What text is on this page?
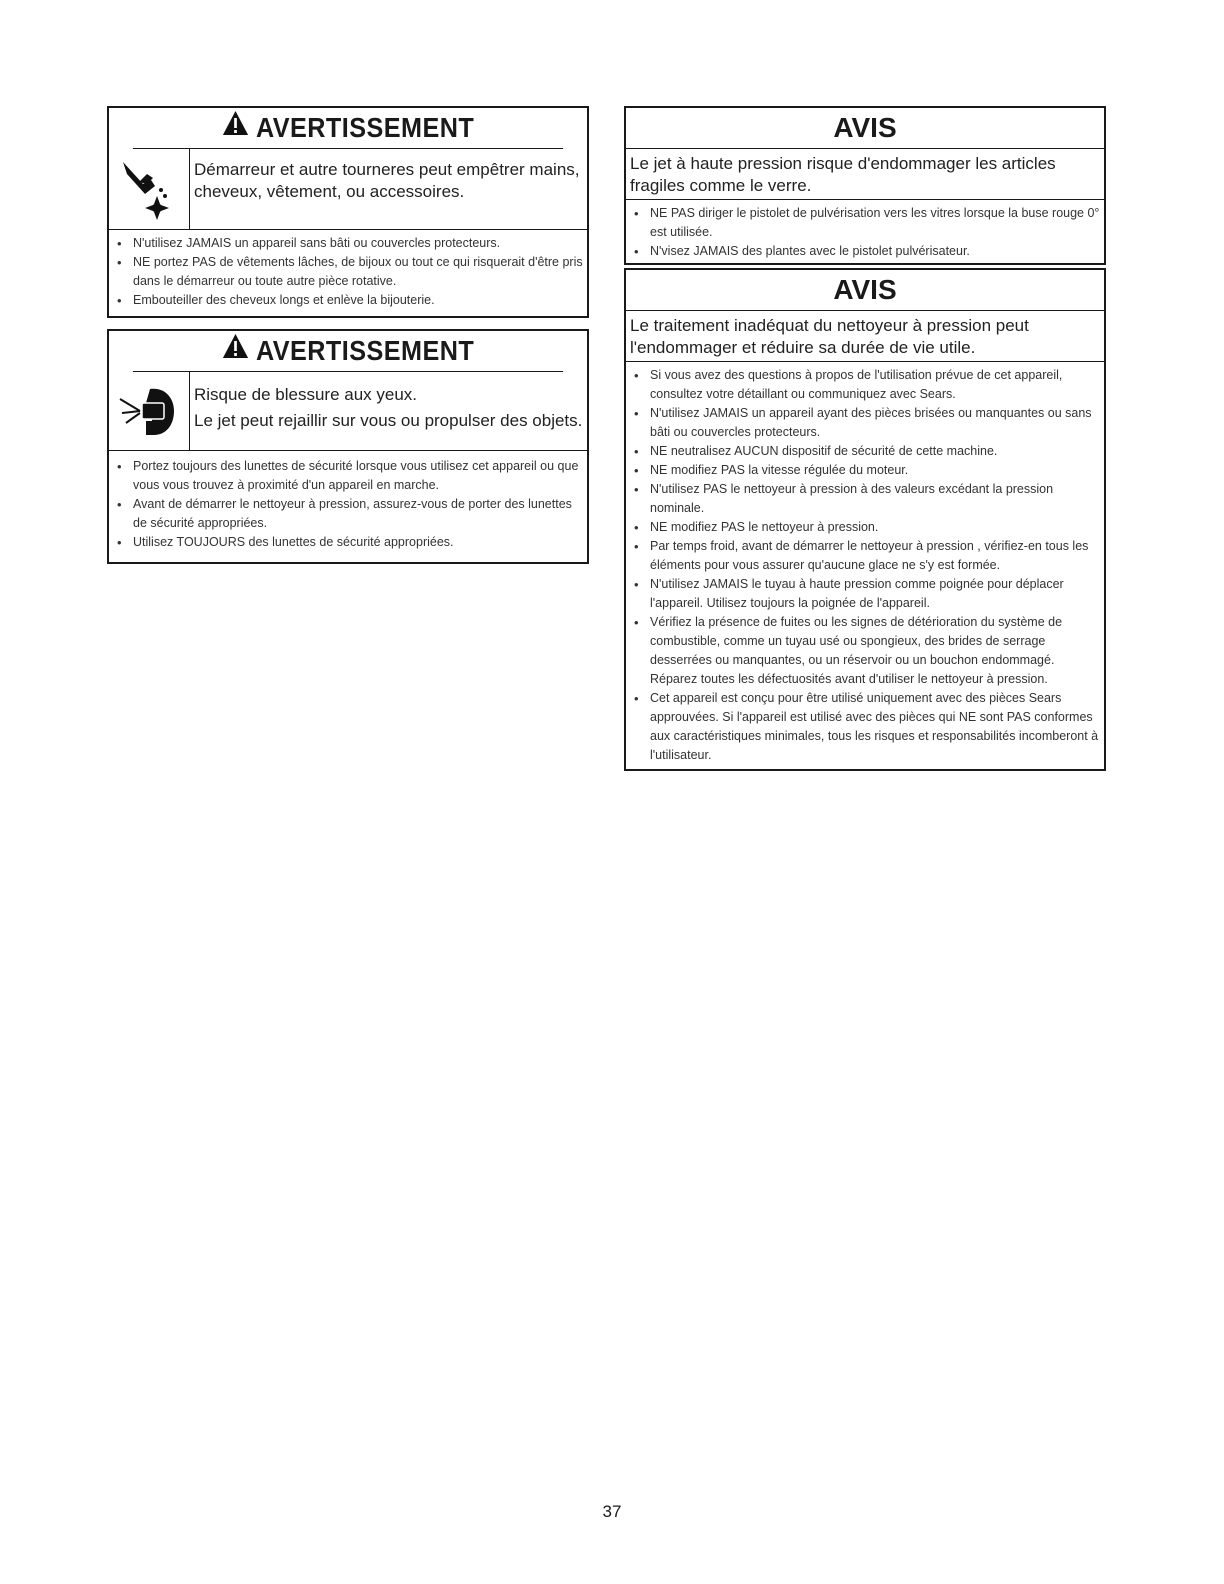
AVERTISSEMENT
Démarreur et autre tourneres peut empêtrer mains, cheveux, vêtement, ou accessoires.
• N'utilisez JAMAIS un appareil sans bâti ou couvercles protecteurs.
• NE portez PAS de vêtements lâches, de bijoux ou tout ce qui risquerait d'être pris dans le démarreur ou toute autre pièce rotative.
• Embouteiller des cheveux longs et enlève la bijouterie.
AVERTISSEMENT
Risque de blessure aux yeux.
Le jet peut rejaillir sur vous ou propulser des objets.
• Portez toujours des lunettes de sécurité lorsque vous utilisez cet appareil ou que vous vous trouvez à proximité d'un appareil en marche.
• Avant de démarrer le nettoyeur à pression, assurez-vous de porter des lunettes de sécurité appropriées.
• Utilisez TOUJOURS des lunettes de sécurité appropriées.
AVIS
Le jet à haute pression risque d'endommager les articles fragiles comme le verre.
• NE PAS diriger le pistolet de pulvérisation vers les vitres lorsque la buse rouge 0° est utilisée.
• N'visez JAMAIS des plantes avec le pistolet pulvérisateur.
AVIS
Le traitement inadéquat du nettoyeur à pression peut l'endommager et réduire sa durée de vie utile.
• Si vous avez des questions à propos de l'utilisation prévue de cet appareil, consultez votre détaillant ou communiquez avec Sears.
• N'utilisez JAMAIS un appareil ayant des pièces brisées ou manquantes ou sans bâti ou couvercles protecteurs.
• NE neutralisez AUCUN dispositif de sécurité de cette machine.
• NE modifiez PAS la vitesse régulée du moteur.
• N'utilisez PAS le nettoyeur à pression à des valeurs excédant la pression nominale.
• NE modifiez PAS le nettoyeur à pression.
• Par temps froid, avant de démarrer le nettoyeur à pression , vérifiez-en tous les éléments pour vous assurer qu'aucune glace ne s'y est formée.
• N'utilisez JAMAIS le tuyau à haute pression comme poignée pour déplacer l'appareil. Utilisez toujours la poignée de l'appareil.
• Vérifiez la présence de fuites ou les signes de détérioration du système de combustible, comme un tuyau usé ou spongieux, des brides de serrage desserrées ou manquantes, ou un réservoir ou un bouchon endommagé. Réparez toutes les défectuosités avant d'utiliser le nettoyeur à pression.
• Cet appareil est conçu pour être utilisé uniquement avec des pièces Sears approuvées. Si l'appareil est utilisé avec des pièces qui NE sont PAS conformes aux caractéristiques minimales, tous les risques et responsabilités incomberont à l'utilisateur.
37
